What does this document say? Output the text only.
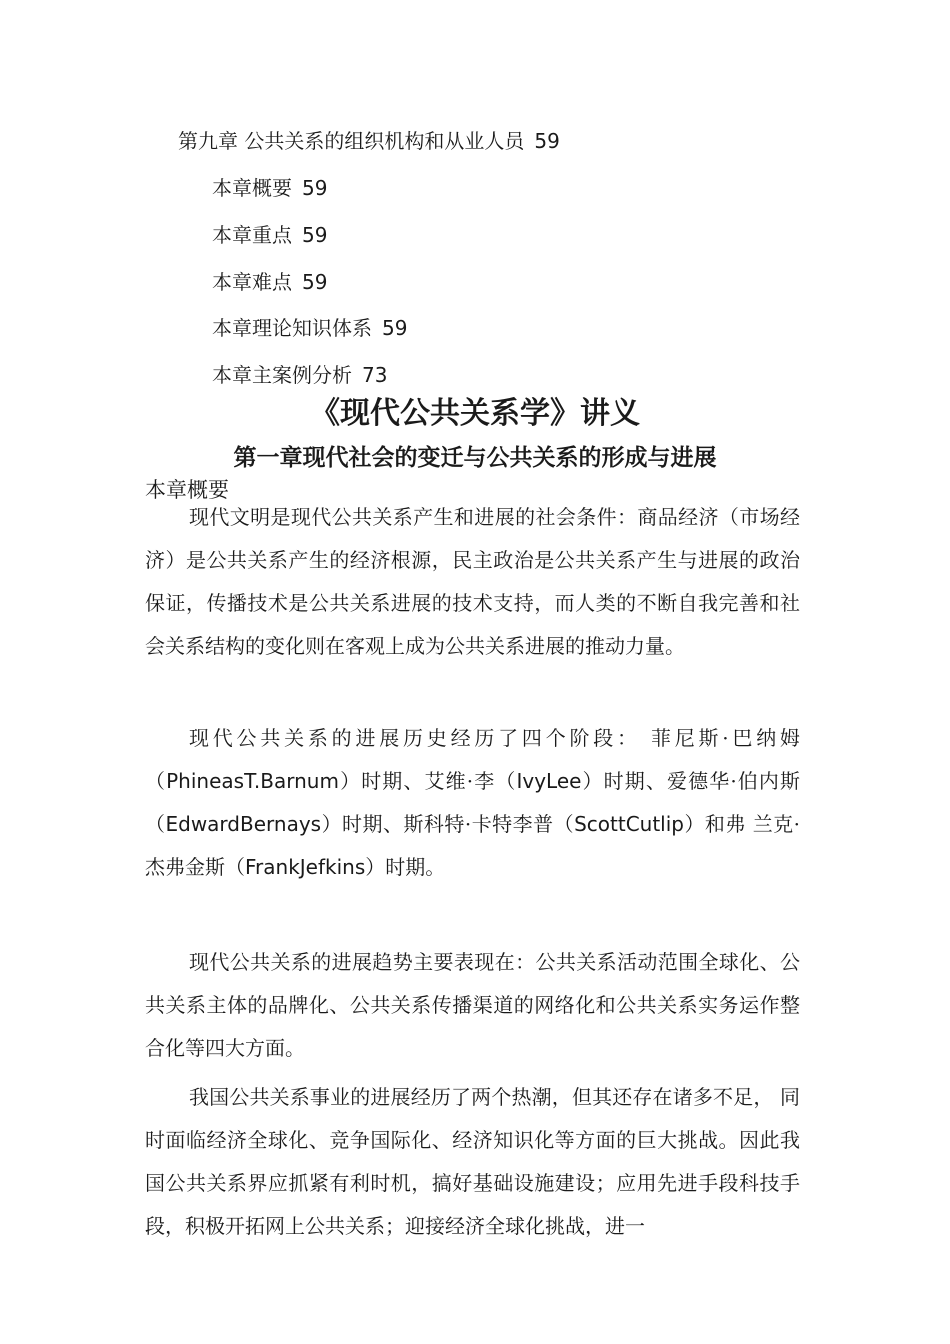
第九章 公共关系的组织机构和从业人员 59
本章概要 59
本章重点 59
本章难点 59
本章理论知识体系 59
本章主案例分析 73
《现代公共关系学》讲义
第一章现代社会的变迁与公共关系的形成与进展
本章概要

现代文明是现代公共关系产生和进展的社会条件：商品经济（市场经济）是公共关系产生的经济根源，民主政治是公共关系产生与进展的政治保证，传播技术是公共关系进展的技术支持，而人类的不断自我完善和社会关系结构的变化则在客观上成为公共关系进展的推动力量。

现代公共关系的进展历史经历了四个阶段： 菲尼斯·巴纳姆（PhineasT.Barnum）时期、艾维·李（IvyLee）时期、爱德华·伯内斯（EdwardBernays）时期、斯科特·卡特李普（ScottCutlip）和弗 兰克·杰弗金斯（FrankJefkins）时期。

现代公共关系的进展趋势主要表现在：公共关系活动范围全球化、公共关系主体的品牌化、公共关系传播渠道的网络化和公共关系实务运作整合化等四大方面。

我国公共关系事业的进展经历了两个热潮，但其还存在诸多不足， 同时面临经济全球化、竞争国际化、经济知识化等方面的巨大挑战。因此我国公共关系界应抓紧有利时机，搞好基础设施建设；应用先进手段科技手段，积极开拓网上公共关系；迎接经济全球化挑战，进一
